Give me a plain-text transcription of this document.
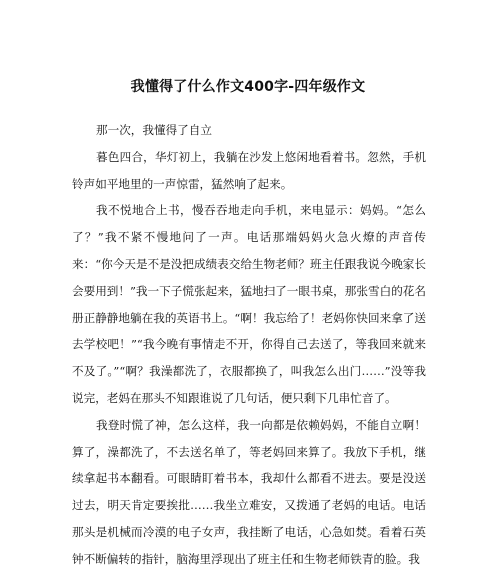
我懂得了什么作文400字-四年级作文

那一次，我懂得了自立

暮色四合，华灯初上，我躺在沙发上悠闲地看着书。忽然，手机铃声如平地里的一声惊雷，猛然响了起来。

我不悦地合上书，慢吞吞地走向手机，来电显示：妈妈。“怎么了？”我不紧不慢地问了一声。电话那端妈妈火急火燎的声音传来：“你今天是不是没把成绩表交给生物老师？班主任跟我说今晚家长会要用到！”我一下子慌张起来，猛地扫了一眼书桌，那张雪白的花名册正静静地躺在我的英语书上。“啊！我忘给了！老妈你快回来拿了送去学校吧！”“我今晚有事情走不开，你得自己去送了，等我回来就来不及了。”“啊？我澡都洗了，衣服都换了，叫我怎么出门……”没等我说完，老妈在那头不知跟谁说了几句话，便只剩下几串忙音了。

我登时慌了神，怎么这样，我一向都是依赖妈妈，不能自立啊！算了，澡都洗了，不去送名单了，等老妈回来算了。我放下手机，继续拿起书本翻看。可眼睛盯着书本，我却什么都看不进去。要是没送过去，明天肯定要挨批……我坐立难安，又拨通了老妈的电话。电话那头是机械而冷漠的电子女声，我挂断了电话，心急如焚。看着石英钟不断偏转的指针，脑海里浮现出了班主任和生物老师铁青的脸。我
